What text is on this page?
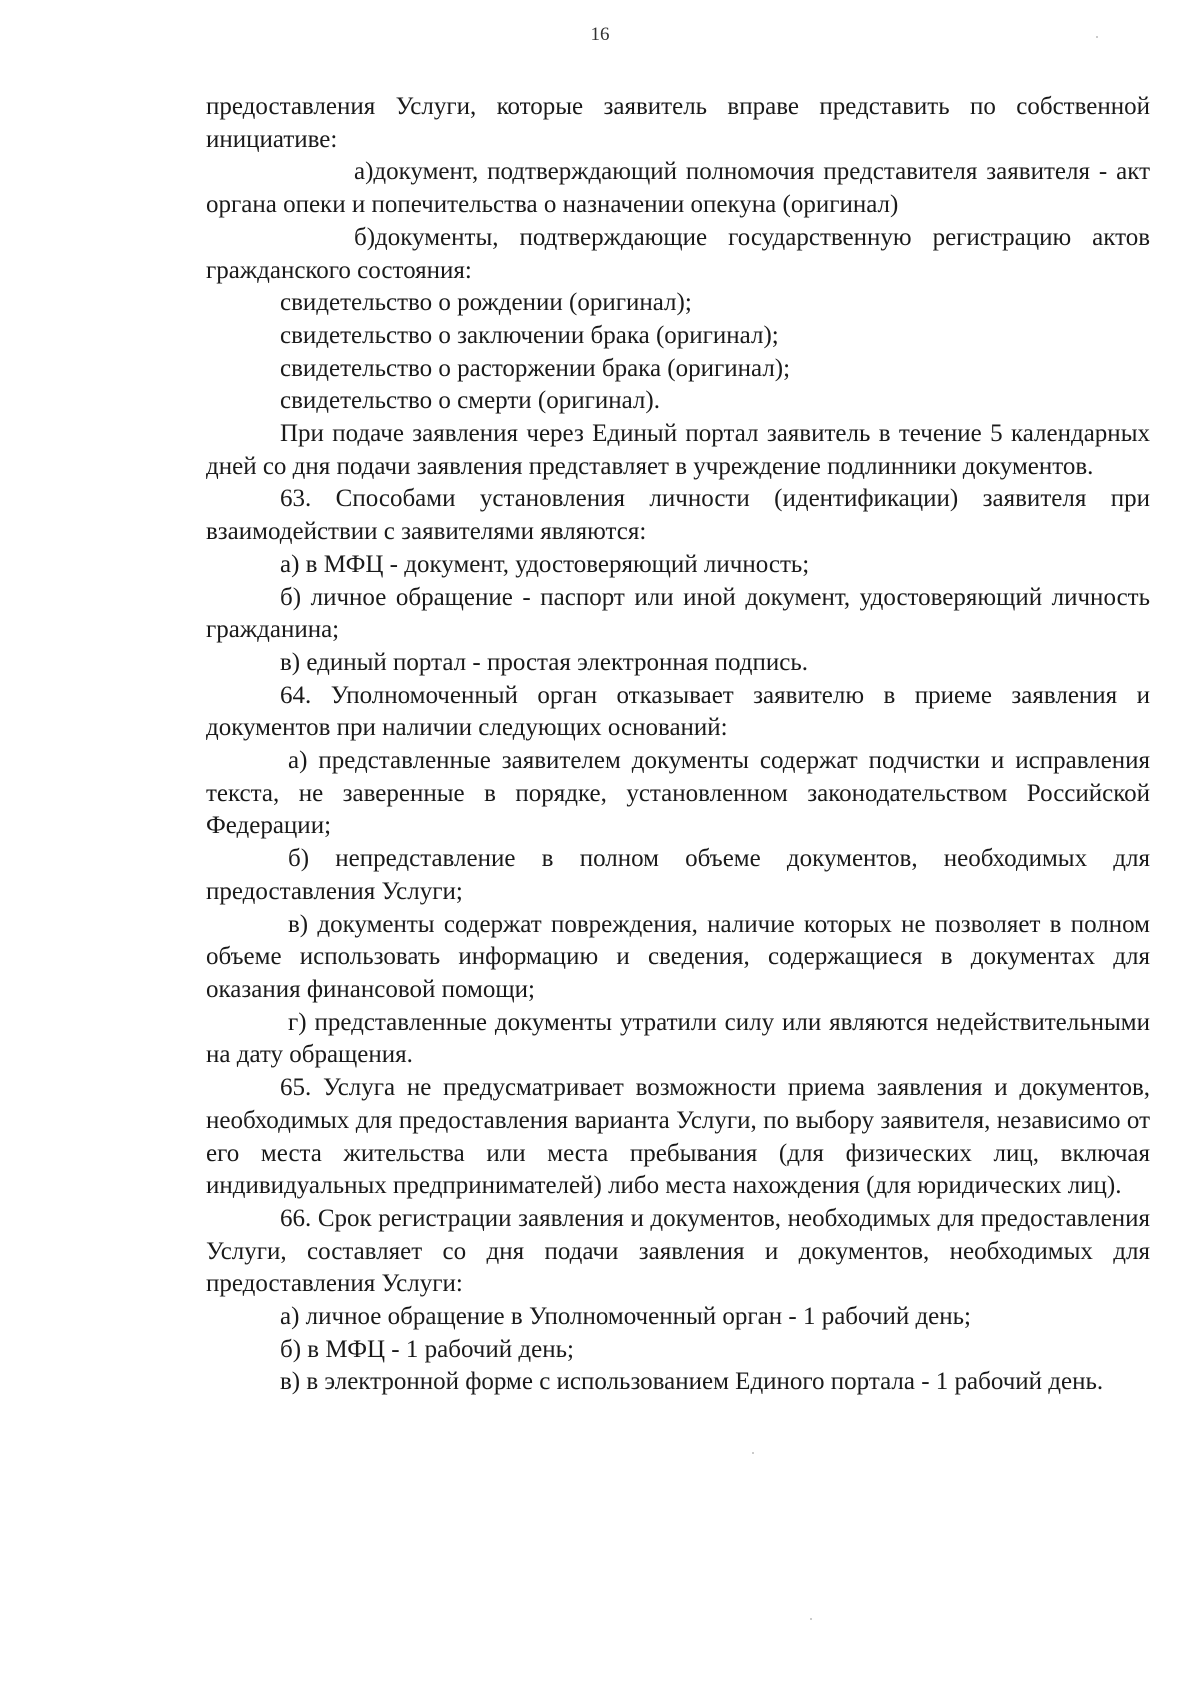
16

предоставления Услуги, которые заявитель вправе представить по собственной инициативе:

а)документ, подтверждающий полномочия представителя заявителя - акт органа опеки и попечительства о назначении опекуна (оригинал)

б)документы, подтверждающие государственную регистрацию актов гражданского состояния:

свидетельство о рождении (оригинал);

свидетельство о заключении брака (оригинал);

свидетельство о расторжении брака (оригинал);

свидетельство о смерти (оригинал).

При подаче заявления через Единый портал заявитель в течение 5 календарных дней со дня подачи заявления представляет в учреждение подлинники документов.

63. Способами установления личности (идентификации) заявителя при взаимодействии с заявителями являются:

а) в МФЦ - документ, удостоверяющий личность;

б) личное обращение - паспорт или иной документ, удостоверяющий личность гражданина;

в) единый портал - простая электронная подпись.

64. Уполномоченный орган отказывает заявителю в приеме заявления и документов при наличии следующих оснований:

а) представленные заявителем документы содержат подчистки и исправления текста, не заверенные в порядке, установленном законодательством Российской Федерации;

б) непредставление в полном объеме документов, необходимых для предоставления Услуги;

в) документы содержат повреждения, наличие которых не позволяет в полном объеме использовать информацию и сведения, содержащиеся в документах для оказания финансовой помощи;

г) представленные документы утратили силу или являются недействительными на дату обращения.

65. Услуга не предусматривает возможности приема заявления и документов, необходимых для предоставления варианта Услуги, по выбору заявителя, независимо от его места жительства или места пребывания (для физических лиц, включая индивидуальных предпринимателей) либо места нахождения (для юридических лиц).

66. Срок регистрации заявления и документов, необходимых для предоставления Услуги, составляет со дня подачи заявления и документов, необходимых для предоставления Услуги:

а) личное обращение в Уполномоченный орган - 1 рабочий день;

б) в МФЦ - 1 рабочий день;

в) в электронной форме с использованием Единого портала - 1 рабочий день.
